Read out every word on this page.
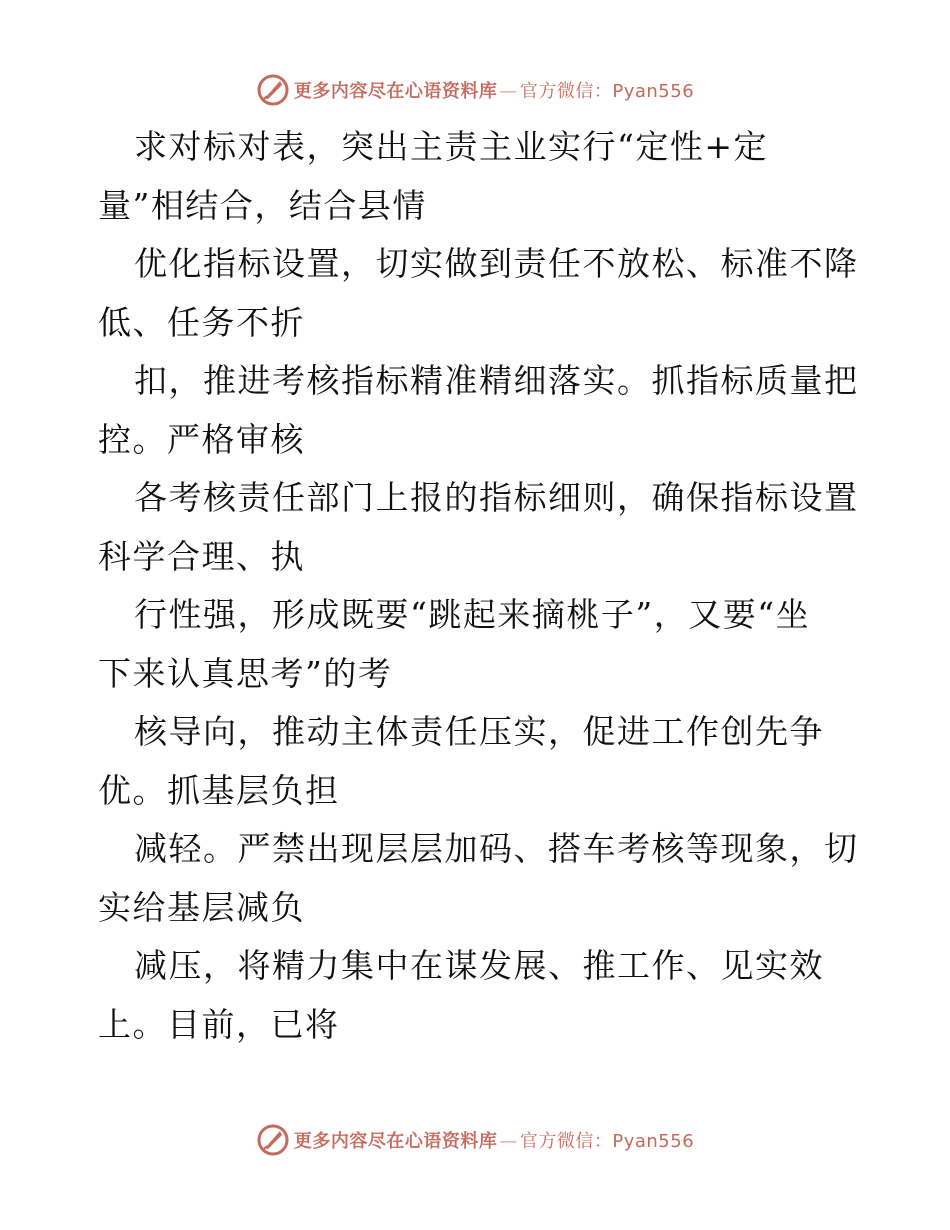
更多内容尽在心语资料库 — 官方微信：Pyan556
求对标对表，突出主责主业实行“定性+定
量”相结合，结合县情
优化指标设置，切实做到责任不放松、标准不降
低、任务不折
扣，推进考核指标精准精细落实。抓指标质量把
控。严格审核
各考核责任部门上报的指标细则，确保指标设置
科学合理、执
行性强，形成既要“跳起来摘桃子”，又要“坐
下来认真思考”的考
核导向，推动主体责任压实，促进工作创先争
优。抓基层负担
减轻。严禁出现层层加码、搭车考核等现象，切
实给基层减负
减压，将精力集中在谋发展、推工作、见实效
上。目前，已将
更多内容尽在心语资料库 — 官方微信：Pyan556
